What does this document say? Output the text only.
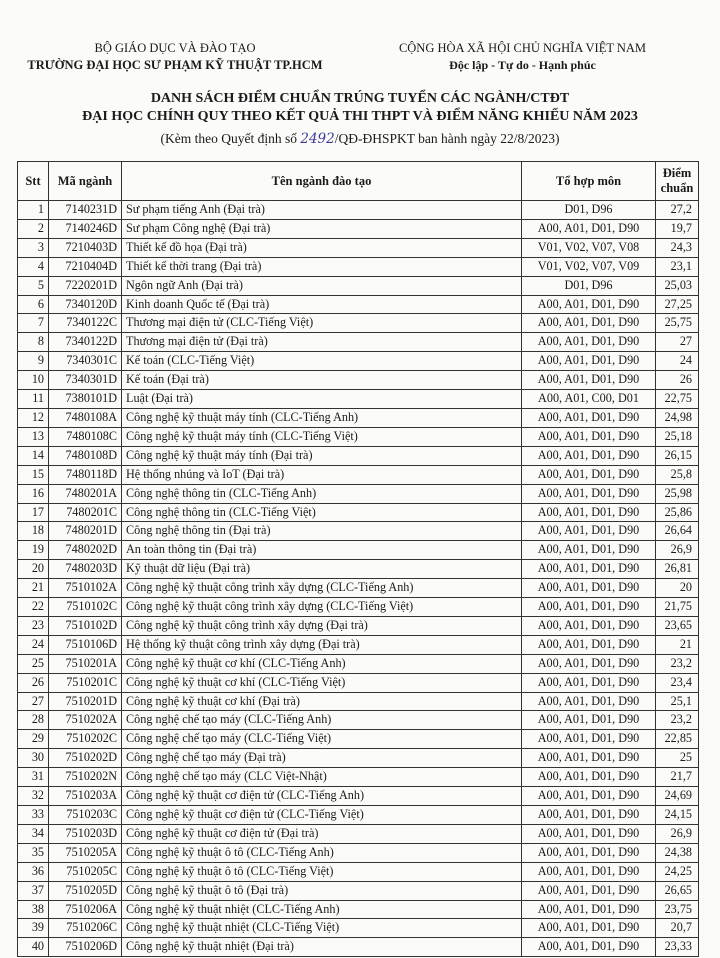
BỘ GIÁO DỤC VÀ ĐÀO TẠO
TRƯỜNG ĐẠI HỌC SƯ PHẠM KỸ THUẬT TP.HCM
CỘNG HÒA XÃ HỘI CHỦ NGHĨA VIỆT NAM
Độc lập - Tự do - Hạnh phúc
DANH SÁCH ĐIỂM CHUẨN TRÚNG TUYỂN CÁC NGÀNH/CTĐT
ĐẠI HỌC CHÍNH QUY THEO KẾT QUẢ THI THPT VÀ ĐIỂM NĂNG KHIẾU NĂM 2023
(Kèm theo Quyết định số 2492/QĐ-ĐHSPKT ban hành ngày 22/8/2023)
Stt	Mã ngành	Tên ngành đào tạo	Tổ hợp môn	Điểm
chuẩn
1	7140231D	Sư phạm tiếng Anh (Đại trà)	D01, D96	27,2
2	7140246D	Sư phạm Công nghệ (Đại trà)	A00, A01, D01, D90	19,7
3	7210403D	Thiết kế đồ họa (Đại trà)	V01, V02, V07, V08	24,3
4	7210404D	Thiết kế thời trang (Đại trà)	V01, V02, V07, V09	23,1
5	7220201D	Ngôn ngữ Anh (Đại trà)	D01, D96	25,03
6	7340120D	Kinh doanh Quốc tế (Đại trà)	A00, A01, D01, D90	27,25
7	7340122C	Thương mại điện tử (CLC-Tiếng Việt)	A00, A01, D01, D90	25,75
8	7340122D	Thương mại điện tử (Đại trà)	A00, A01, D01, D90	27
9	7340301C	Kế toán (CLC-Tiếng Việt)	A00, A01, D01, D90	24
10	7340301D	Kế toán (Đại trà)	A00, A01, D01, D90	26
11	7380101D	Luật (Đại trà)	A00, A01, C00, D01	22,75
12	7480108A	Công nghệ kỹ thuật máy tính (CLC-Tiếng Anh)	A00, A01, D01, D90	24,98
13	7480108C	Công nghệ kỹ thuật máy tính (CLC-Tiếng Việt)	A00, A01, D01, D90	25,18
14	7480108D	Công nghệ kỹ thuật máy tính (Đại trà)	A00, A01, D01, D90	26,15
15	7480118D	Hệ thống nhúng và IoT (Đại trà)	A00, A01, D01, D90	25,8
16	7480201A	Công nghệ thông tin (CLC-Tiếng Anh)	A00, A01, D01, D90	25,98
17	7480201C	Công nghệ thông tin (CLC-Tiếng Việt)	A00, A01, D01, D90	25,86
18	7480201D	Công nghệ thông tin (Đại trà)	A00, A01, D01, D90	26,64
19	7480202D	An toàn thông tin (Đại trà)	A00, A01, D01, D90	26,9
20	7480203D	Kỹ thuật dữ liệu (Đại trà)	A00, A01, D01, D90	26,81
21	7510102A	Công nghệ kỹ thuật công trình xây dựng (CLC-Tiếng Anh)	A00, A01, D01, D90	20
22	7510102C	Công nghệ kỹ thuật công trình xây dựng (CLC-Tiếng Việt)	A00, A01, D01, D90	21,75
23	7510102D	Công nghệ kỹ thuật công trình xây dựng (Đại trà)	A00, A01, D01, D90	23,65
24	7510106D	Hệ thống kỹ thuật công trình xây dựng (Đại trà)	A00, A01, D01, D90	21
25	7510201A	Công nghệ kỹ thuật cơ khí (CLC-Tiếng Anh)	A00, A01, D01, D90	23,2
26	7510201C	Công nghệ kỹ thuật cơ khí (CLC-Tiếng Việt)	A00, A01, D01, D90	23,4
27	7510201D	Công nghệ kỹ thuật cơ khí (Đại trà)	A00, A01, D01, D90	25,1
28	7510202A	Công nghệ chế tạo máy (CLC-Tiếng Anh)	A00, A01, D01, D90	23,2
29	7510202C	Công nghệ chế tạo máy (CLC-Tiếng Việt)	A00, A01, D01, D90	22,85
30	7510202D	Công nghệ chế tạo máy (Đại trà)	A00, A01, D01, D90	25
31	7510202N	Công nghệ chế tạo máy (CLC Việt-Nhật)	A00, A01, D01, D90	21,7
32	7510203A	Công nghệ kỹ thuật cơ điện tử (CLC-Tiếng Anh)	A00, A01, D01, D90	24,69
33	7510203C	Công nghệ kỹ thuật cơ điện tử (CLC-Tiếng Việt)	A00, A01, D01, D90	24,15
34	7510203D	Công nghệ kỹ thuật cơ điện tử (Đại trà)	A00, A01, D01, D90	26,9
35	7510205A	Công nghệ kỹ thuật ô tô (CLC-Tiếng Anh)	A00, A01, D01, D90	24,38
36	7510205C	Công nghệ kỹ thuật ô tô (CLC-Tiếng Việt)	A00, A01, D01, D90	24,25
37	7510205D	Công nghệ kỹ thuật ô tô (Đại trà)	A00, A01, D01, D90	26,65
38	7510206A	Công nghệ kỹ thuật nhiệt (CLC-Tiếng Anh)	A00, A01, D01, D90	23,75
39	7510206C	Công nghệ kỹ thuật nhiệt (CLC-Tiếng Việt)	A00, A01, D01, D90	20,7
40	7510206D	Công nghệ kỹ thuật nhiệt (Đại trà)	A00, A01, D01, D90	23,33
